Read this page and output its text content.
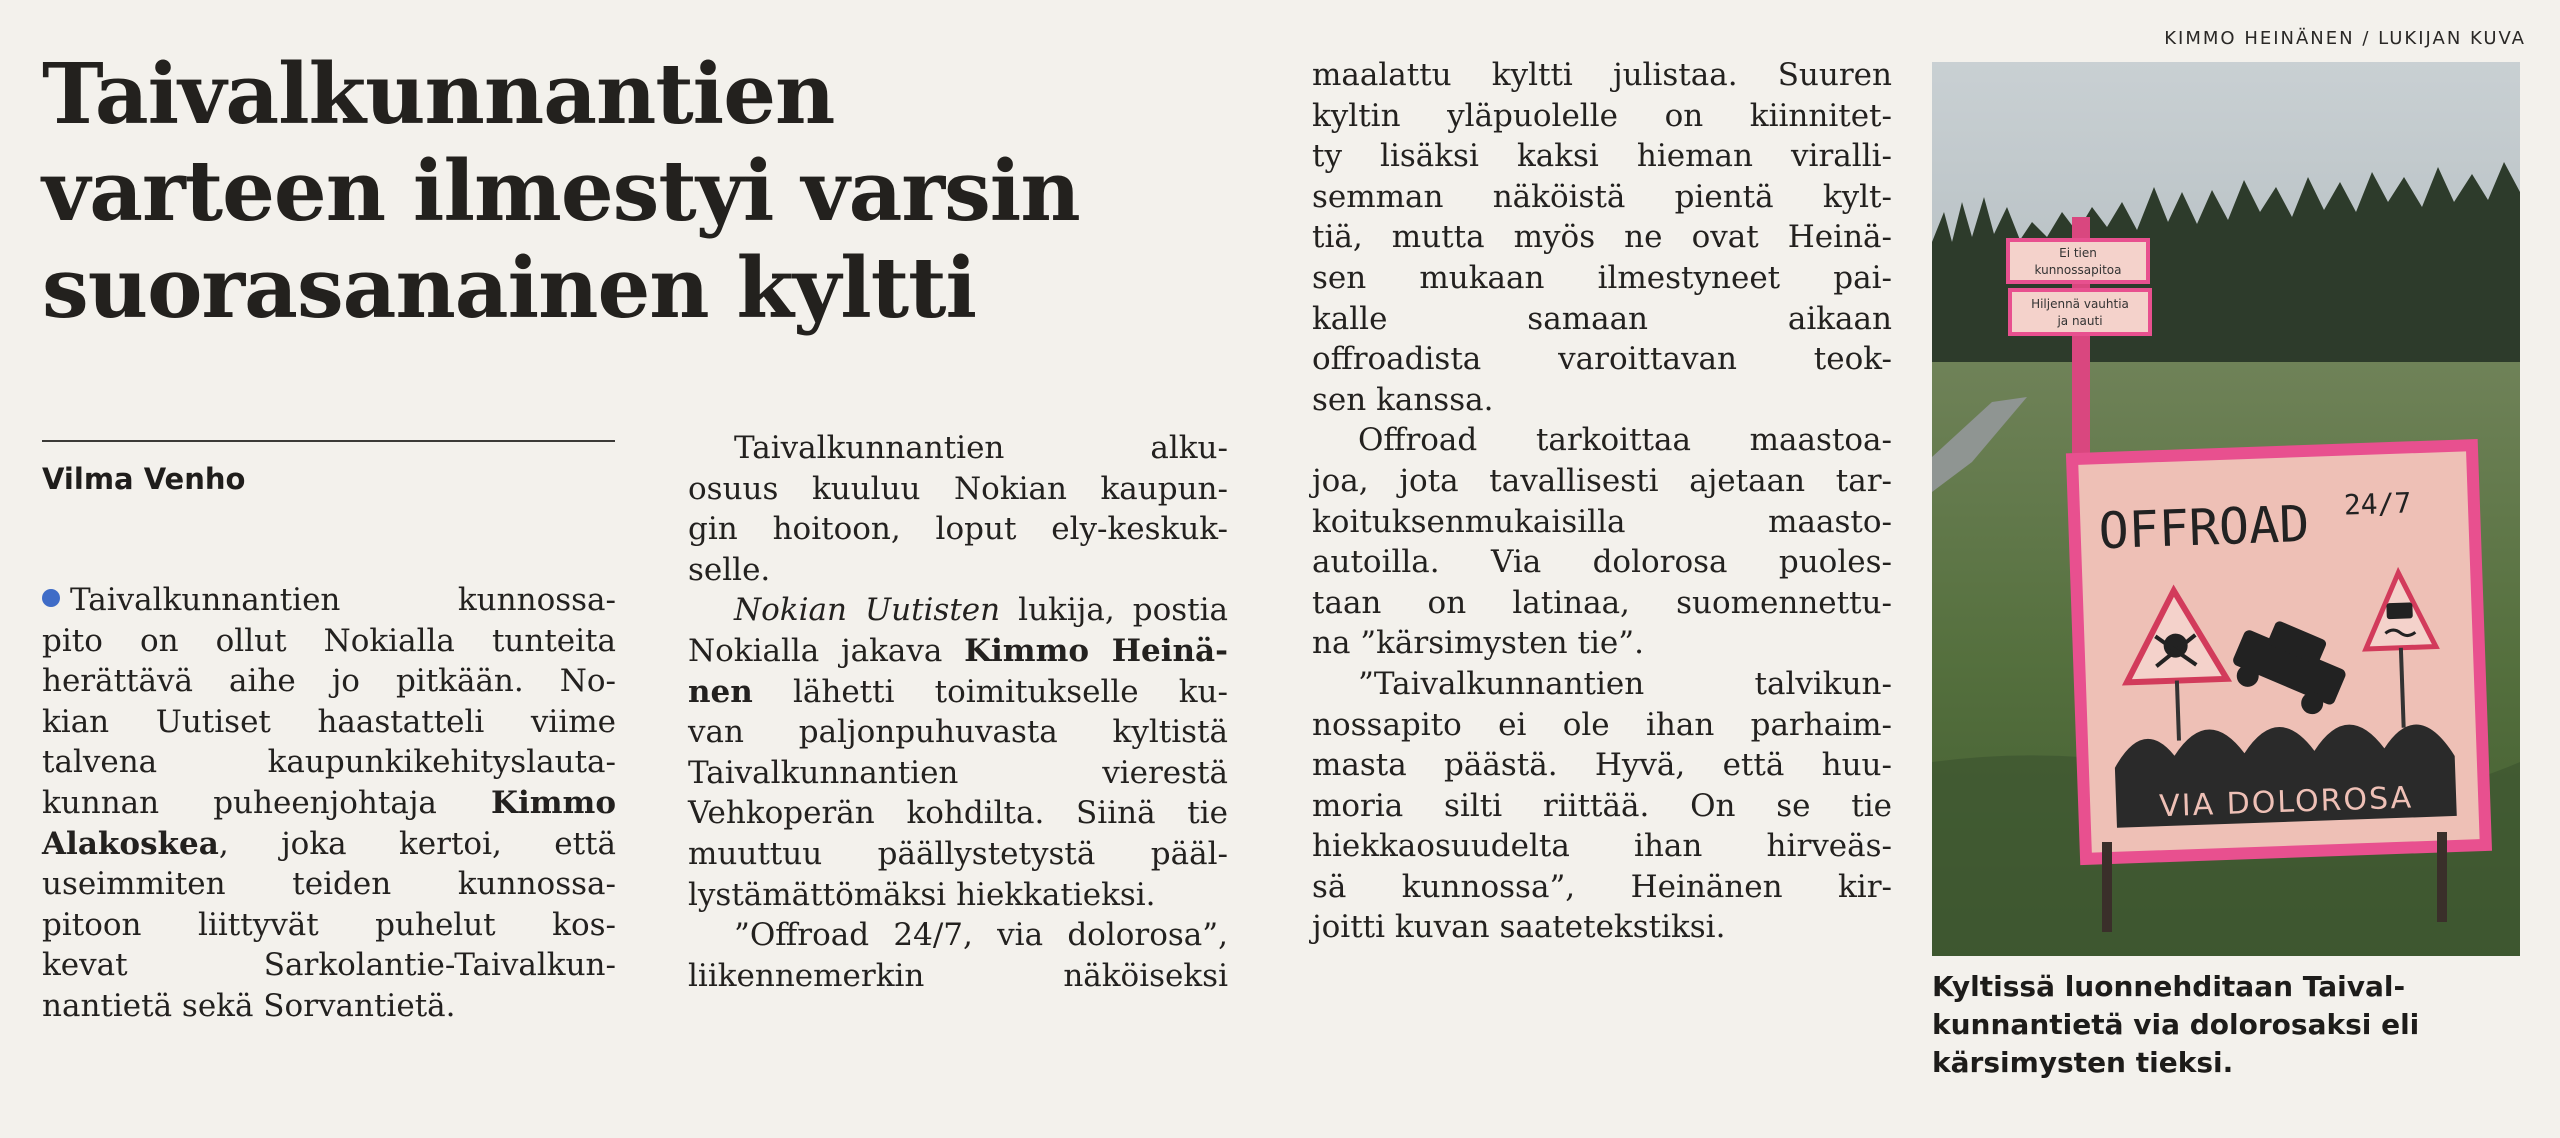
Taivalkunnantien
varteen ilmestyi varsin
suorasanainen kyltti
Vilma Venho

Taivalkunnantien kunnossa-

pito on ollut Nokialla tunteita

herättävä aihe jo pitkään. No-

kian Uutiset haastatteli viime

talvena kaupunkikehityslauta-

kunnan puheenjohtaja Kimmo

Alakoskea, joka kertoi, että

useimmiten teiden kunnossa-

pitoon liittyvät puhelut kos-

kevat Sarkolantie-Taivalkun-

nantietä sekä Sorvantietä.

Taivalkunnantien alku-

osuus kuuluu Nokian kaupun-

gin hoitoon, loput ely-keskuk-

selle.

Nokian Uutisten lukija, postia

Nokialla jakava Kimmo Heinä-

nen lähetti toimitukselle ku-

van paljonpuhuvasta kyltistä

Taivalkunnantien vierestä

Vehkoperän kohdilta. Siinä tie

muuttuu päällystetystä pääl-

lystämättömäksi hiekkatieksi.

”Offroad 24/7, via dolorosa”,

liikennemerkin näköiseksi

maalattu kyltti julistaa. Suuren

kyltin yläpuolelle on kiinnitet-

ty lisäksi kaksi hieman viralli-

semman näköistä pientä kylt-

tiä, mutta myös ne ovat Heinä-

sen mukaan ilmestyneet pai-

kalle samaan aikaan

offroadista varoittavan teok-

sen kanssa.

Offroad tarkoittaa maastoa-

joa, jota tavallisesti ajetaan tar-

koituksenmukaisilla maasto-

autoilla. Via dolorosa puoles-

taan on latinaa, suomennettu-

na ”kärsimysten tie”.

”Taivalkunnantien talvikun-

nossapito ei ole ihan parhaim-

masta päästä. Hyvä, että huu-

moria silti riittää. On se tie

hiekkaosuudelta ihan hirveäs-

sä kunnossa”, Heinänen kir-

joitti kuvan saatetekstiksi.

KIMMO HEINÄNEN / LUKIJAN KUVA
Ei tien
kunnossapitoa
Hiljennä vauhtia
ja nauti
OFFROAD 24/7
VIA DOLOROSA
Kyltissä luonnehditaan Taival-
kunnantietä via dolorosaksi eli
kärsimysten tieksi.
